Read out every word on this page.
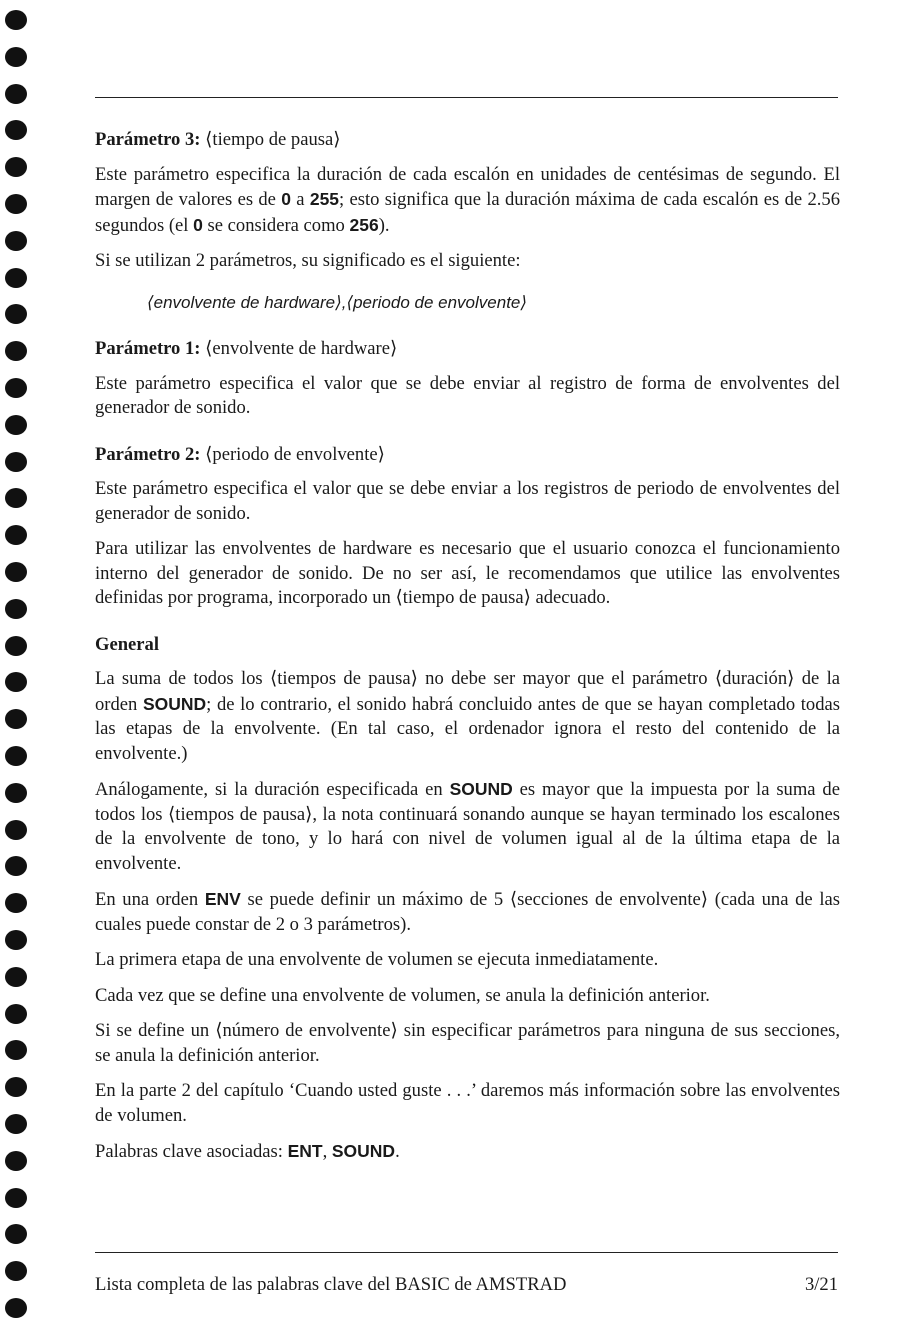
Parámetro 3: ⟨tiempo de pausa⟩

Este parámetro especifica la duración de cada escalón en unidades de centésimas de segundo. El margen de valores es de 0 a 255; esto significa que la duración máxima de cada escalón es de 2.56 segundos (el 0 se considera como 256).

Si se utilizan 2 parámetros, su significado es el siguiente:

⟨envolvente de hardware⟩,⟨periodo de envolvente⟩

Parámetro 1: ⟨envolvente de hardware⟩

Este parámetro especifica el valor que se debe enviar al registro de forma de envolventes del generador de sonido.

Parámetro 2: ⟨periodo de envolvente⟩

Este parámetro especifica el valor que se debe enviar a los registros de periodo de envolventes del generador de sonido.

Para utilizar las envolventes de hardware es necesario que el usuario conozca el funcionamiento interno del generador de sonido. De no ser así, le recomendamos que utilice las envolventes definidas por programa, incorporado un ⟨tiempo de pausa⟩ adecuado.

General

La suma de todos los ⟨tiempos de pausa⟩ no debe ser mayor que el parámetro ⟨duración⟩ de la orden SOUND; de lo contrario, el sonido habrá concluido antes de que se hayan completado todas las etapas de la envolvente. (En tal caso, el ordenador ignora el resto del contenido de la envolvente.)

Análogamente, si la duración especificada en SOUND es mayor que la impuesta por la suma de todos los ⟨tiempos de pausa⟩, la nota continuará sonando aunque se hayan terminado los escalones de la envolvente de tono, y lo hará con nivel de volumen igual al de la última etapa de la envolvente.

En una orden ENV se puede definir un máximo de 5 ⟨secciones de envolvente⟩ (cada una de las cuales puede constar de 2 o 3 parámetros).

La primera etapa de una envolvente de volumen se ejecuta inmediatamente.

Cada vez que se define una envolvente de volumen, se anula la definición anterior.

Si se define un ⟨número de envolvente⟩ sin especificar parámetros para ninguna de sus secciones, se anula la definición anterior.

En la parte 2 del capítulo ‘Cuando usted guste . . .’ daremos más información sobre las envolventes de volumen.

Palabras clave asociadas: ENT, SOUND.

Lista completa de las palabras clave del BASIC de AMSTRAD	3/21
